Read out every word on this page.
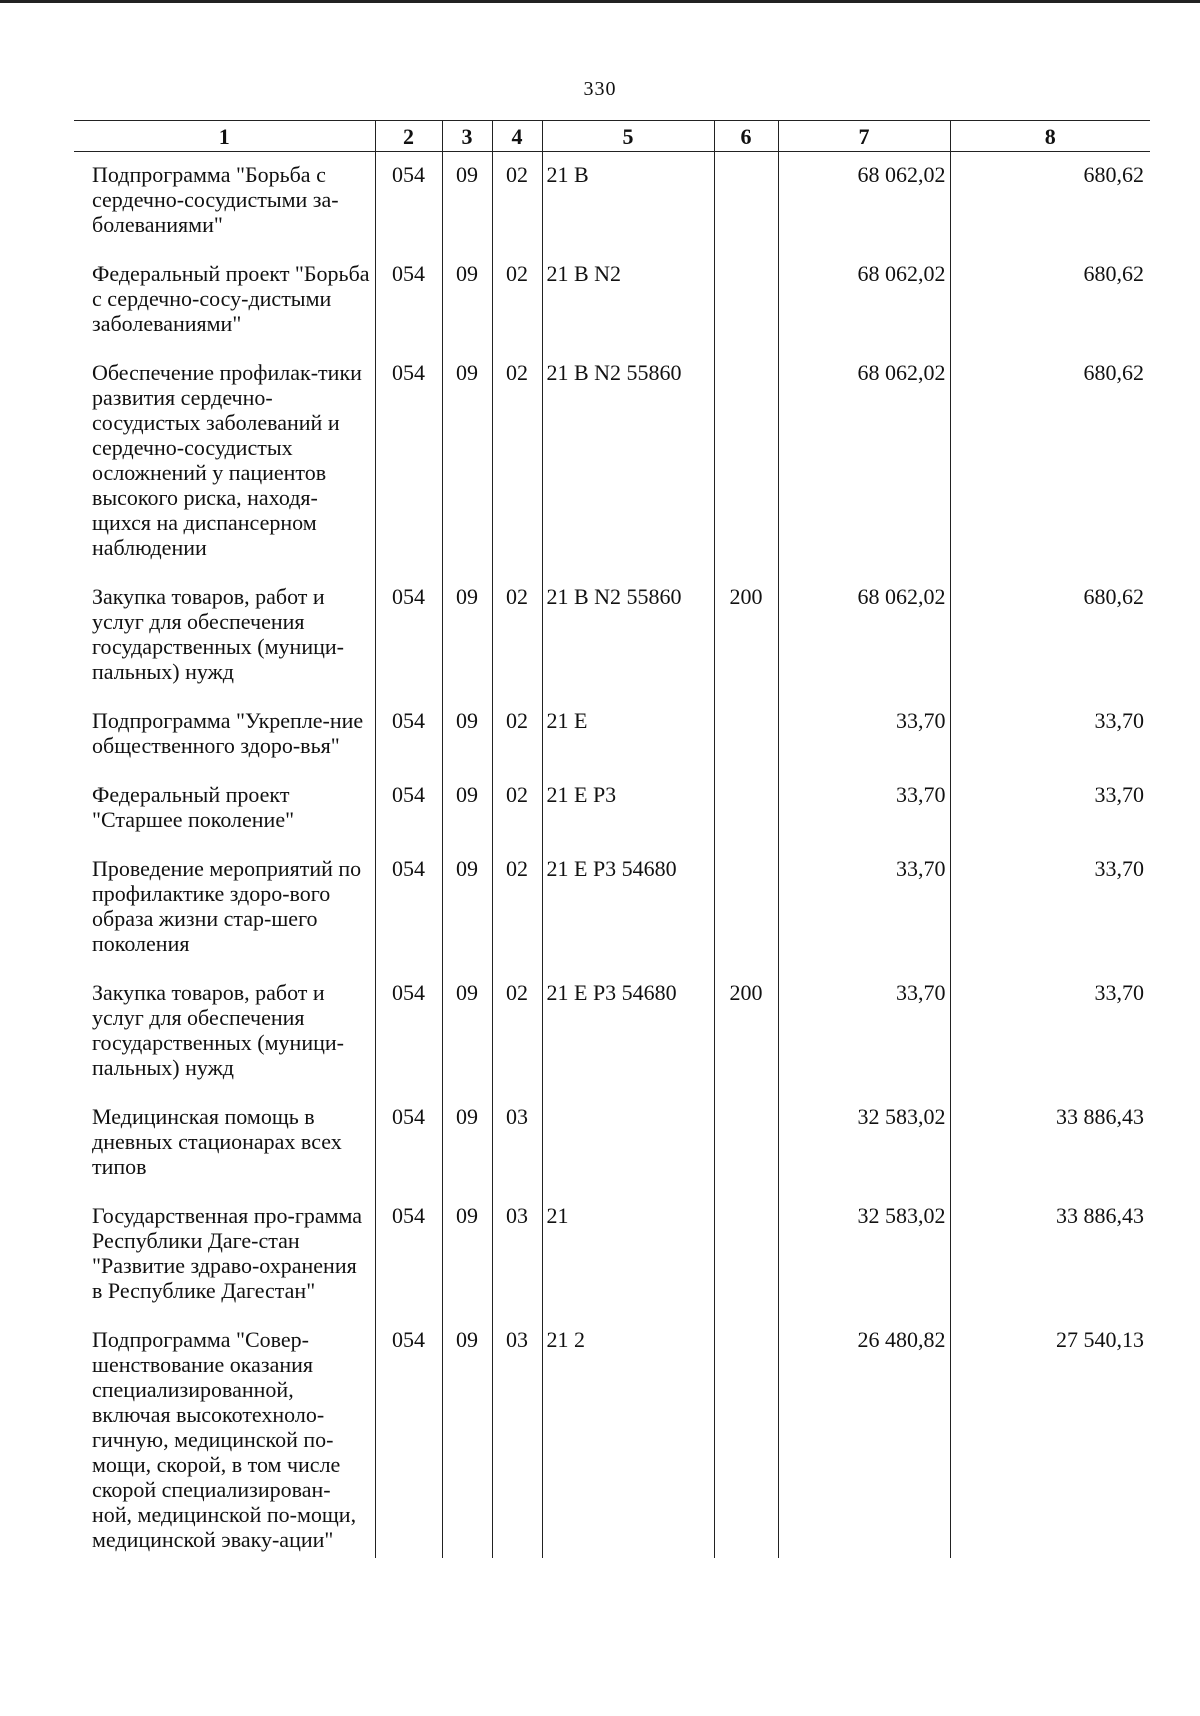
330
1	2	3	4	5	6	7	8
Подпрограмма "Борьба с сердечно-сосудистыми за-болеваниями"	054	09	02	21 В		68 062,02	680,62
Федеральный проект "Борьба с сердечно-сосу-дистыми заболеваниями"	054	09	02	21 В N2		68 062,02	680,62
Обеспечение профилак-тики развития сердечно-сосудистых заболеваний и сердечно-сосудистых осложнений у пациентов высокого риска, находя-щихся на диспансерном наблюдении	054	09	02	21 В N2 55860		68 062,02	680,62
Закупка товаров, работ и услуг для обеспечения государственных (муници-пальных) нужд	054	09	02	21 В N2 55860	200	68 062,02	680,62
Подпрограмма "Укрепле-ние общественного здоро-вья"	054	09	02	21 Е		33,70	33,70
Федеральный проект "Старшее поколение"	054	09	02	21 Е Р3		33,70	33,70
Проведение мероприятий по профилактике здоро-вого образа жизни стар-шего поколения	054	09	02	21 Е Р3 54680		33,70	33,70
Закупка товаров, работ и услуг для обеспечения государственных (муници-пальных) нужд	054	09	02	21 Е Р3 54680	200	33,70	33,70
Медицинская помощь в дневных стационарах всех типов	054	09	03			32 583,02	33 886,43
Государственная про-грамма Республики Даге-стан "Развитие здраво-охранения в Республике Дагестан"	054	09	03	21		32 583,02	33 886,43
Подпрограмма "Совер-шенствование оказания специализированной, включая высокотехноло-гичную, медицинской по-мощи, скорой, в том числе скорой специализирован-ной, медицинской по-мощи, медицинской эваку-ации"	054	09	03	21 2		26 480,82	27 540,13
